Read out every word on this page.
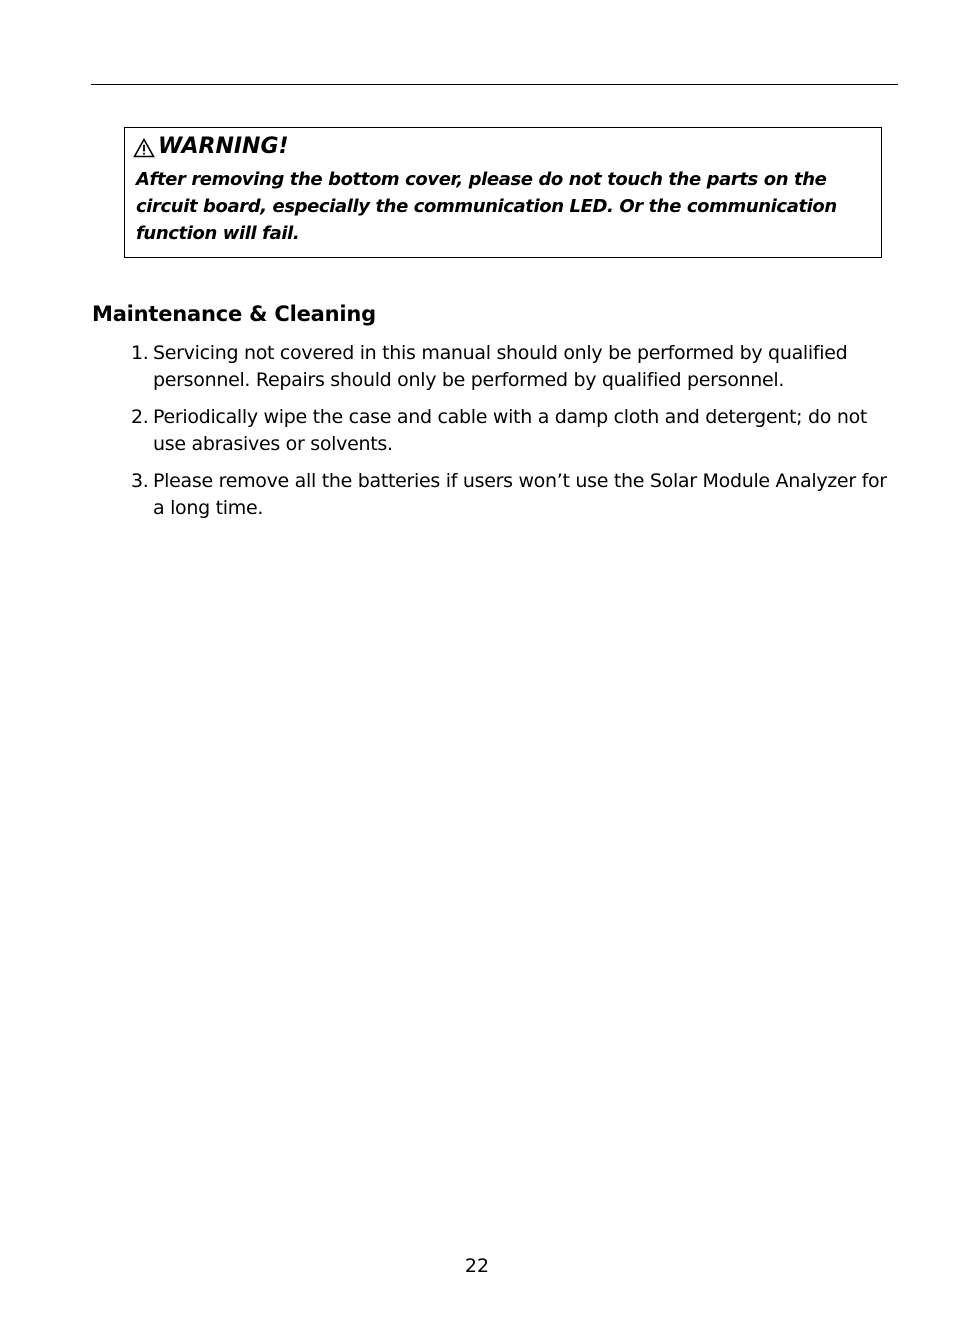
WARNING!
After removing the bottom cover, please do not touch the parts on the circuit board, especially the communication LED. Or the communication function will fail.
Maintenance & Cleaning
1. Servicing not covered in this manual should only be performed by qualified personnel. Repairs should only be performed by qualified personnel.
2. Periodically wipe the case and cable with a damp cloth and detergent; do not use abrasives or solvents.
3. Please remove all the batteries if users won’t use the Solar Module Analyzer for a long time.
22
